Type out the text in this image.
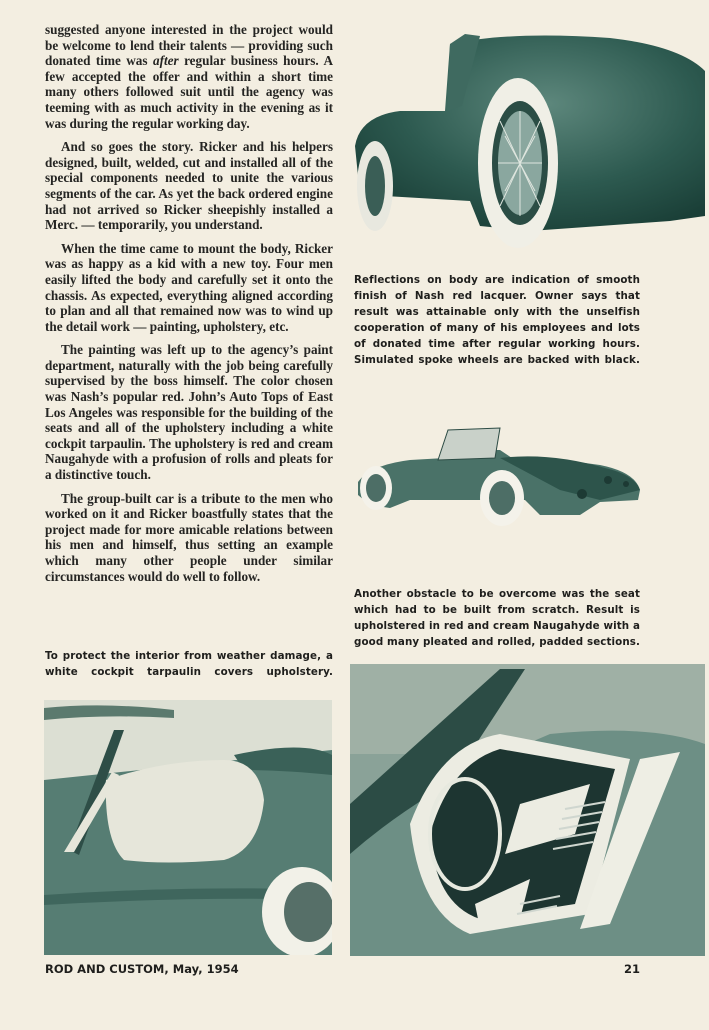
suggested anyone interested in the project would be welcome to lend their talents — providing such donated time was after regular business hours. A few accepted the offer and within a short time many others followed suit until the agency was teeming with as much activity in the evening as it was during the regular working day.

And so goes the story. Ricker and his helpers designed, built, welded, cut and installed all of the special components needed to unite the various segments of the car. As yet the back ordered engine had not arrived so Ricker sheepishly installed a Merc. — temporarily, you understand.

When the time came to mount the body, Ricker was as happy as a kid with a new toy. Four men easily lifted the body and carefully set it onto the chassis. As expected, everything aligned according to plan and all that remained now was to wind up the detail work — painting, upholstery, etc.

The painting was left up to the agency’s paint department, naturally with the job being carefully supervised by the boss himself. The color chosen was Nash’s popular red. John’s Auto Tops of East Los Angeles was responsible for the building of the seats and all of the upholstery including a white cockpit tarpaulin. The upholstery is red and cream Naugahyde with a profusion of rolls and pleats for a distinctive touch.

The group-built car is a tribute to the men who worked on it and Ricker boastfully states that the project made for more amicable relations between his men and himself, thus setting an example which many other people under similar circumstances would do well to follow.

To protect the interior from weather damage, a white cockpit tarpaulin covers upholstery.
Reflections on body are indication of smooth finish of Nash red lacquer. Owner says that result was attainable only with the unselfish cooperation of many of his employees and lots of donated time after regular working hours. Simulated spoke wheels are backed with black.
Another obstacle to be overcome was the seat which had to be built from scratch. Result is upholstered in red and cream Naugahyde with a good many pleated and rolled, padded sections.
ROD AND CUSTOM, May, 1954	21
